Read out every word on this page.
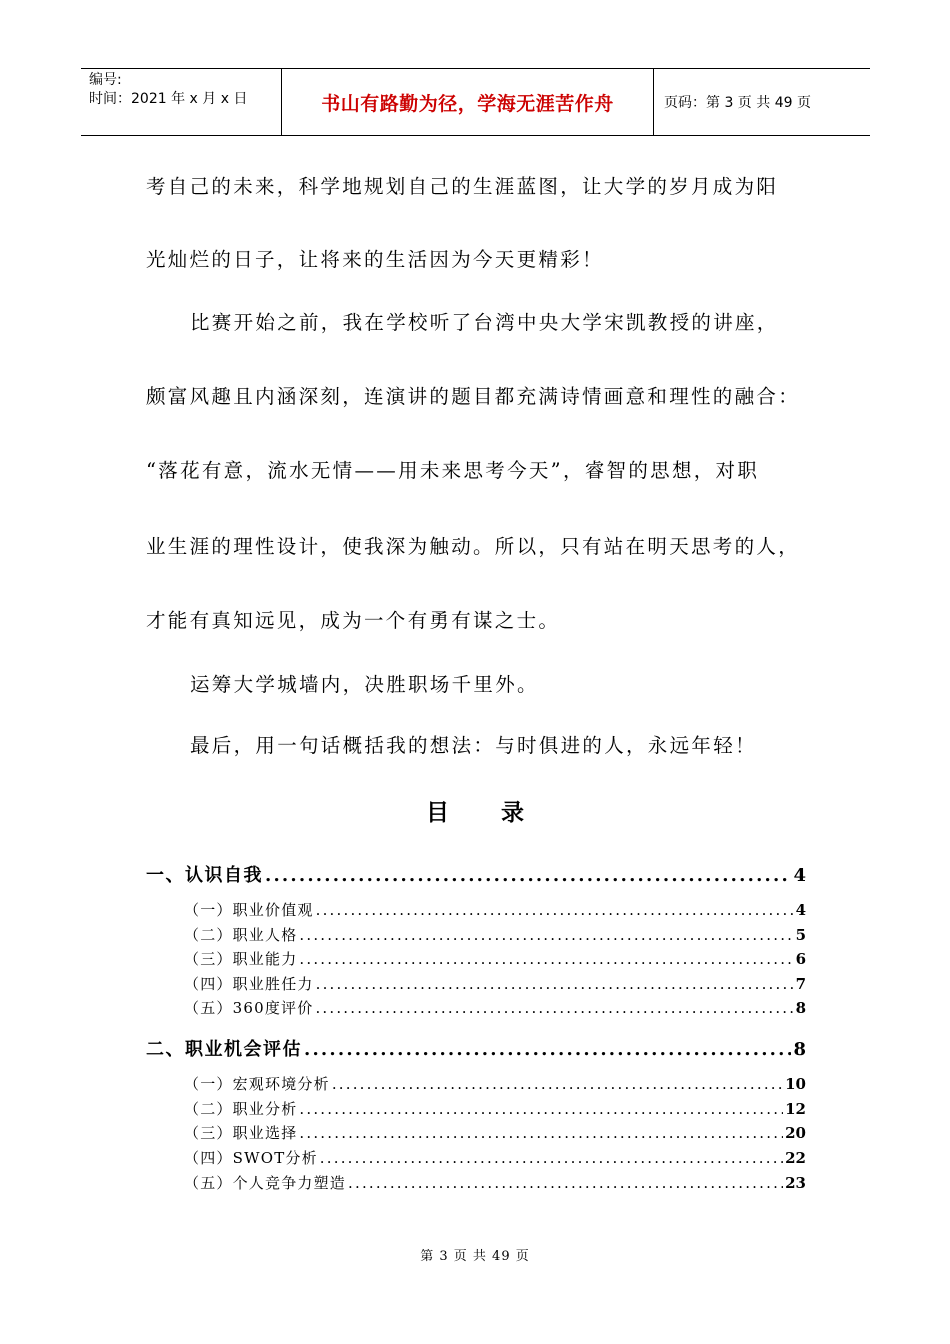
编号:
时间：2021 年 x 月 x 日	书山有路勤为径，学海无涯苦作舟	页码：第 3 页 共 49 页
考自己的未来，科学地规划自己的生涯蓝图，让大学的岁月成为阳
光灿烂的日子，让将来的生活因为今天更精彩！
比赛开始之前，我在学校听了台湾中央大学宋凯教授的讲座，
颇富风趣且内涵深刻，连演讲的题目都充满诗情画意和理性的融合：
“落花有意，流水无情——用未来思考今天”，睿智的思想，对职
业生涯的理性设计，使我深为触动。所以，只有站在明天思考的人，
才能有真知远见，成为一个有勇有谋之士。
运筹大学城墙内，决胜职场千里外。
最后，用一句话概括我的想法：与时俱进的人，永远年轻！
目 录
一、认识自我 .....	4
（一）职业价值观 .....	4
（二）职业人格 .....	5
（三）职业能力 .....	6
（四）职业胜任力 .....	7
（五）360度评价 .....	8
二、职业机会评估 .....	8
（一）宏观环境分析 .....	10
（二）职业分析 .....	12
（三）职业选择 .....	20
（四）SWOT分析 .....	22
（五）个人竞争力塑造 .....	23
第 3 页 共 49 页
